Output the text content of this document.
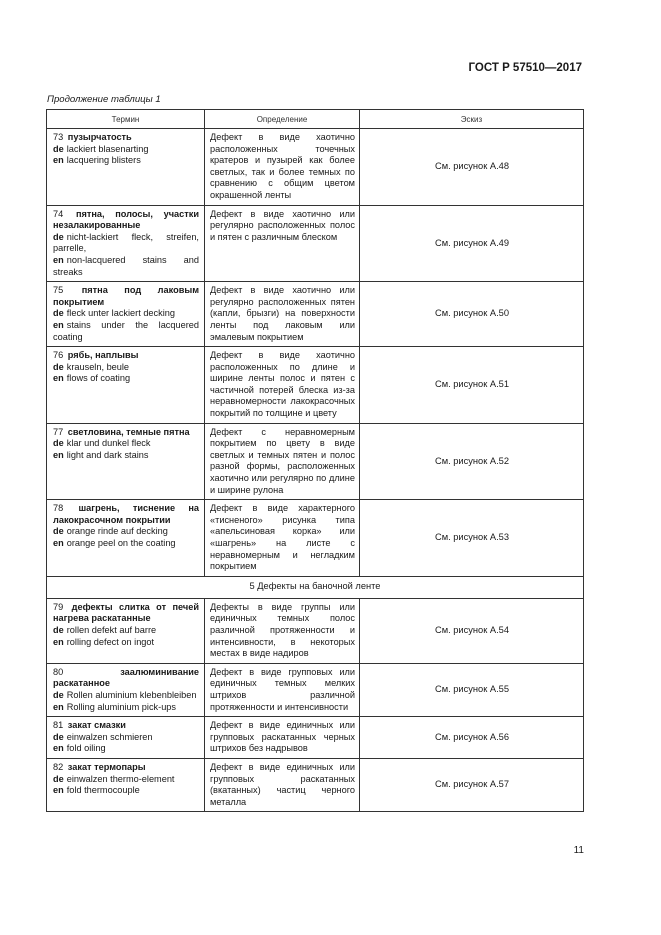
ГОСТ Р 57510—2017
Продолжение таблицы 1
Термин	Определение	Эскиз
73 пузырчатость
de lackiert blasenarting
en lacquering blisters	Дефект в виде хаотично расположенных точечных кратеров и пузырей как более светлых, так и более темных по сравнению с общим цветом окрашенной ленты	См. рисунок А.48
74 пятна, полосы, участки незалакированные
de nicht-lackiert fleck, streifen, parrelle,
en non-lacquered stains and streaks	Дефект в виде хаотично или регулярно расположенных полос и пятен с различным блеском	См. рисунок А.49
75 пятна под лаковым покрытием
de fleck unter lackiert decking
en stains under the lacquered coating	Дефект в виде хаотично или регулярно расположенных пятен (капли, брызги) на поверхности ленты под лаковым или эмалевым покрытием	См. рисунок А.50
76 рябь, наплывы
de krauseln, beule
en flows of coating	Дефект в виде хаотично расположенных по длине и ширине ленты полос и пятен с частичной потерей блеска из-за неравномерности лакокрасочных покрытий по толщине и цвету	См. рисунок А.51
77 светловина, темные пятна
de klar und dunkel fleck
en light and dark stains	Дефект с неравномерным покрытием по цвету в виде светлых и темных пятен и полос разной формы, расположенных хаотично или регулярно по длине и ширине рулона	См. рисунок А.52
78 шагрень, тиснение на лакокрасочном покрытии
de orange rinde auf decking
en orange peel on the coating	Дефект в виде характерного «тисненого» рисунка типа «апельсиновая корка» или «шагрень» на листе с неравномерным и негладким покрытием	См. рисунок А.53
5 Дефекты на баночной ленте		
79 дефекты слитка от печей нагрева раскатанные
de rollen defekt auf barre
en rolling defect on ingot	Дефекты в виде группы или единичных темных полос различной протяженности и интенсивности, в некоторых местах в виде надиров	См. рисунок А.54
80 заалюминивание раскатанное
de Rollen aluminium klebenbleiben
en Rolling aluminium pick-ups	Дефект в виде групповых или единичных темных мелких штрихов различной протяженности и интенсивности	См. рисунок А.55
81 закат смазки
de einwalzen schmieren
en fold oiling	Дефект в виде единичных или групповых раскатанных черных штрихов без надрывов	См. рисунок А.56
82 закат термопары
de einwalzen thermo-element
en fold thermocouple	Дефект в виде единичных или групповых раскатанных (вкатанных) частиц черного металла	См. рисунок А.57
11
